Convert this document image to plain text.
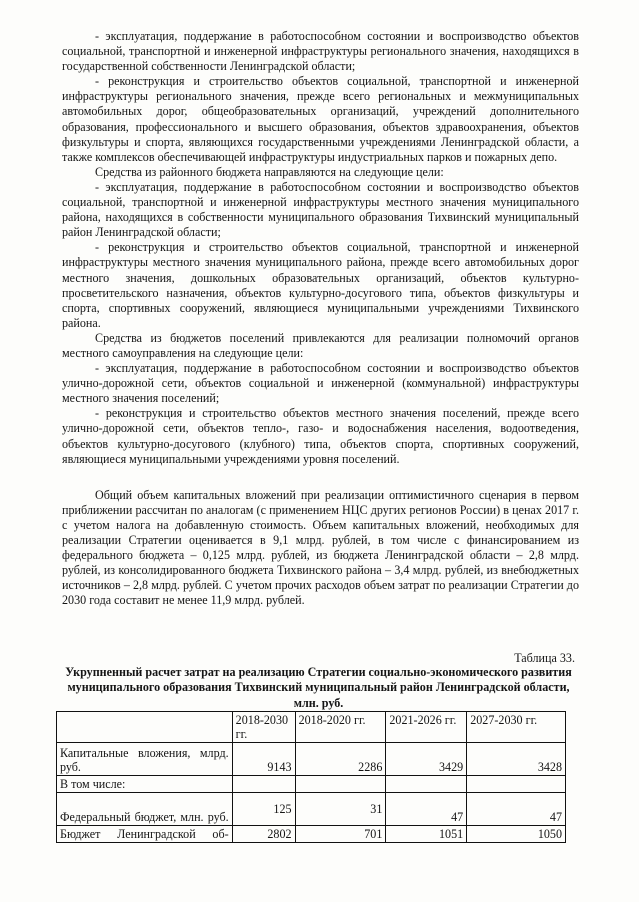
- эксплуатация, поддержание в работоспособном состоянии и воспроизводство объектов социальной, транспортной и инженерной инфраструктуры регионального значения, находящихся в государственной собственности Ленинградской области;

- реконструкция и строительство объектов социальной, транспортной и инженерной инфраструктуры регионального значения, прежде всего региональных и межмуниципальных автомобильных дорог, общеобразовательных организаций, учреждений дополнительного образования, профессионального и высшего образования, объектов здравоохранения, объектов физкультуры и спорта, являющихся государственными учреждениями Ленинградской области, а также комплексов обеспечивающей инфраструктуры индустриальных парков и пожарных депо.

Средства из районного бюджета направляются на следующие цели:

- эксплуатация, поддержание в работоспособном состоянии и воспроизводство объектов социальной, транспортной и инженерной инфраструктуры местного значения муниципального района, находящихся в собственности муниципального образования Тихвинский муниципальный район Ленинградской области;

- реконструкция и строительство объектов социальной, транспортной и инженерной инфраструктуры местного значения муниципального района, прежде всего автомобильных дорог местного значения, дошкольных образовательных организаций, объектов культурно-просветительского назначения, объектов культурно-досугового типа, объектов физкультуры и спорта, спортивных сооружений, являющиеся муниципальными учреждениями Тихвинского района.

Средства из бюджетов поселений привлекаются для реализации полномочий органов местного самоуправления на следующие цели:

- эксплуатация, поддержание в работоспособном состоянии и воспроизводство объектов улично-дорожной сети, объектов социальной и инженерной (коммунальной) инфраструктуры местного значения поселений;

- реконструкция и строительство объектов местного значения поселений, прежде всего улично-дорожной сети, объектов тепло-, газо- и водоснабжения населения, водоотведения, объектов культурно-досугового (клубного) типа, объектов спорта, спортивных сооружений, являющиеся муниципальными учреждениями уровня поселений.

Общий объем капитальных вложений при реализации оптимистичного сценария в первом приближении рассчитан по аналогам (с применением НЦС других регионов России) в ценах 2017 г. с учетом налога на добавленную стоимость. Объем капитальных вложений, необходимых для реализации Стратегии оценивается в 9,1 млрд. рублей, в том числе с финансированием из федерального бюджета – 0,125 млрд. рублей, из бюджета Ленинградской области – 2,8 млрд. рублей, из консолидированного бюджета Тихвинского района – 3,4 млрд. рублей, из внебюджетных источников – 2,8 млрд. рублей. С учетом прочих расходов объем затрат по реализации Стратегии до 2030 года составит не менее 11,9 млрд. рублей.

Таблица 33.
Укрупненный расчет затрат на реализацию Стратегии социально-экономического развития муниципального образования Тихвинский муниципальный район Ленинградской области, млн. руб.
	2018-2030 гг.	2018-2020 гг.	2021-2026 гг.	2027-2030 гг.
Капитальные вложения, млрд. руб.	9143	2286	3429	3428
В том числе:				
Федеральный бюджет, млн. руб.	125	31	47	47
Бюджет Ленинградской об-	2802	701	1051	1050
